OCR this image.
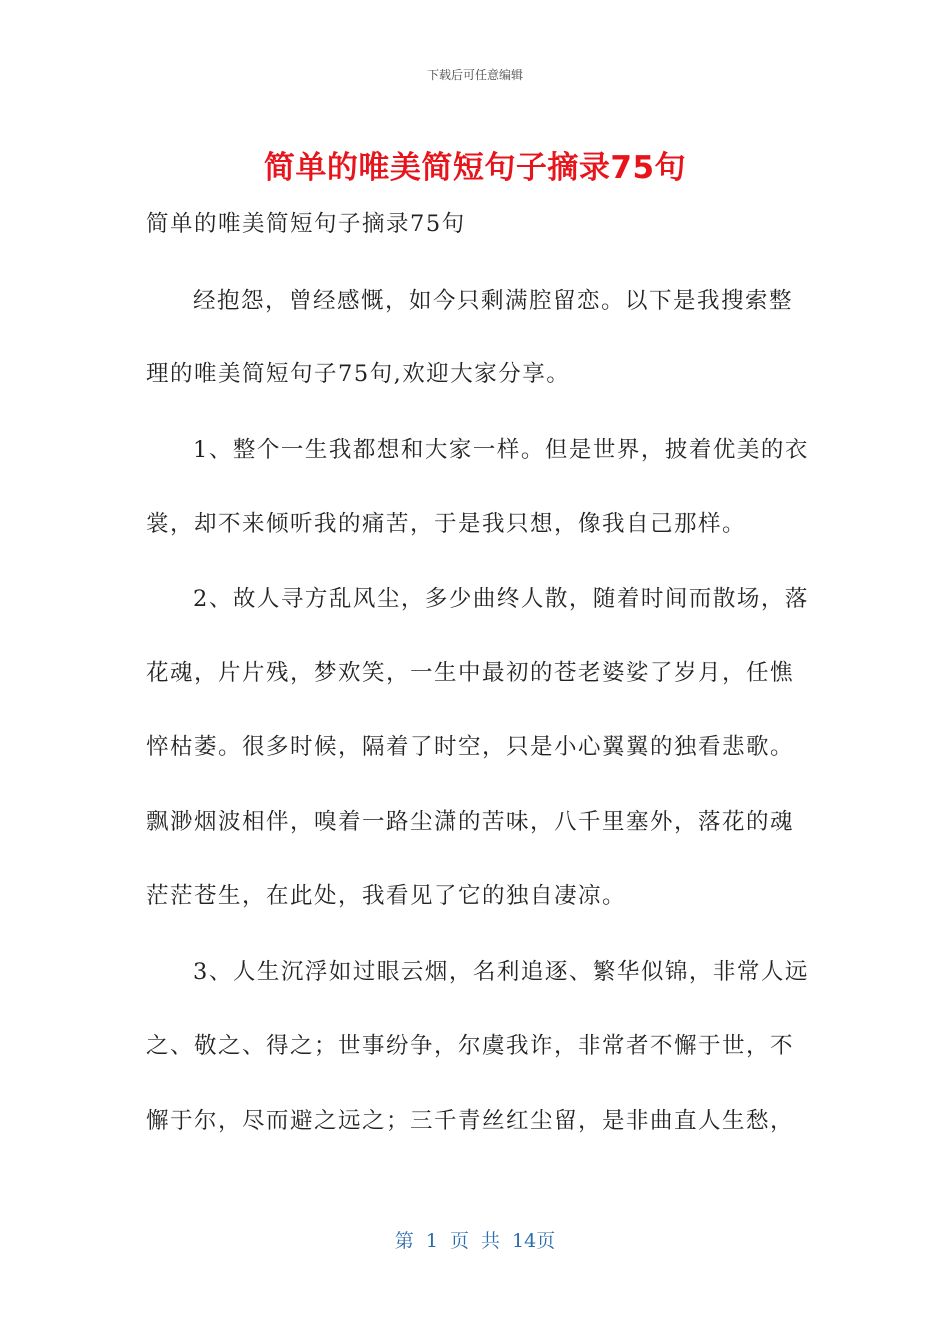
下载后可任意编辑
简单的唯美简短句子摘录75句
简单的唯美简短句子摘录75句
经抱怨，曾经感慨，如今只剩满腔留恋。以下是我搜索整
理的唯美简短句子75句,欢迎大家分享。
1、整个一生我都想和大家一样。但是世界，披着优美的衣
裳，却不来倾听我的痛苦，于是我只想，像我自己那样。
2、故人寻方乱风尘，多少曲终人散，随着时间而散场，落
花魂，片片残，梦欢笑，一生中最初的苍老婆娑了岁月，任憔
悴枯萎。很多时候，隔着了时空，只是小心翼翼的独看悲歌。
飘渺烟波相伴，嗅着一路尘潇的苦味，八千里塞外，落花的魂
茫茫苍生，在此处，我看见了它的独自凄凉。
3、人生沉浮如过眼云烟，名利追逐、繁华似锦，非常人远
之、敬之、得之；世事纷争，尔虞我诈，非常者不懈于世，不
懈于尔，尽而避之远之；三千青丝红尘留，是非曲直人生愁，
第 1 页 共 14页
